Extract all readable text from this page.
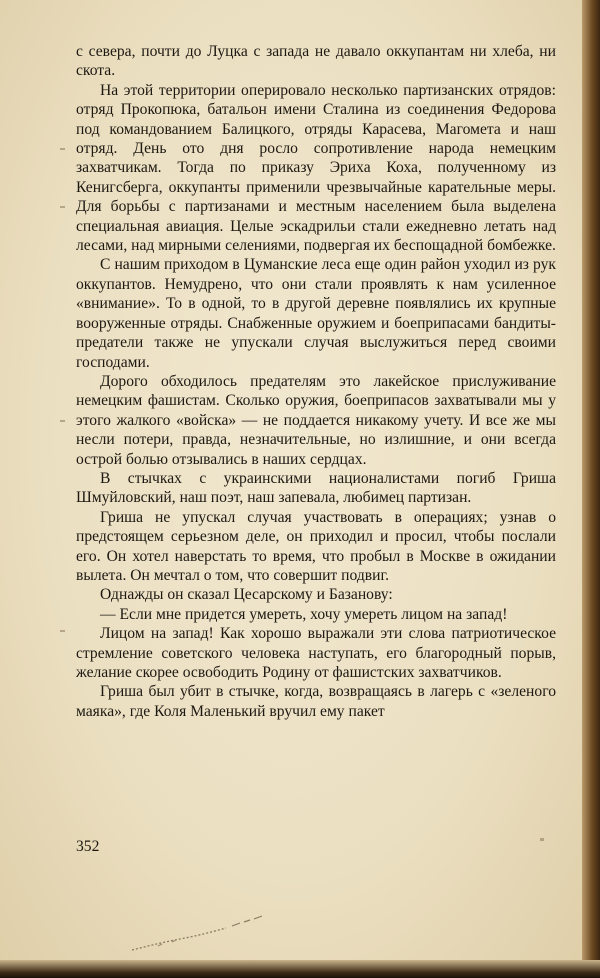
с севера, почти до Луцка с запада не давало оккупантам ни хлеба, ни скота.

На этой территории оперировало несколько партизанских отрядов: отряд Прокопюка, батальон имени Сталина из соединения Федорова под командованием Балицкого, отряды Карасева, Магомета и наш отряд. День ото дня росло сопротивление народа немецким захватчикам. Тогда по приказу Эриха Коха, полученному из Кенигсберга, оккупанты применили чрезвычайные карательные меры. Для борьбы с партизанами и местным населением была выделена специальная авиация. Целые эскадрильи стали ежедневно летать над лесами, над мирными селениями, подвергая их беспощадной бомбежке.

С нашим приходом в Цуманские леса еще один район уходил из рук оккупантов. Немудрено, что они стали проявлять к нам усиленное «внимание». То в одной, то в другой деревне появлялись их крупные вооруженные отряды. Снабженные оружием и боеприпасами бандиты-предатели также не упускали случая выслужиться перед своими господами.

Дорого обходилось предателям это лакейское прислуживание немецким фашистам. Сколько оружия, боеприпасов захватывали мы у этого жалкого «войска» — не поддается никакому учету. И все же мы несли потери, правда, незначительные, но излишние, и они всегда острой болью отзывались в наших сердцах.

В стычках с украинскими националистами погиб Гриша Шмуйловский, наш поэт, наш запевала, любимец партизан.

Гриша не упускал случая участвовать в операциях; узнав о предстоящем серьезном деле, он приходил и просил, чтобы послали его. Он хотел наверстать то время, что пробыл в Москве в ожидании вылета. Он мечтал о том, что совершит подвиг.

Однажды он сказал Цесарскому и Базанову:

— Если мне придется умереть, хочу умереть лицом на запад!

Лицом на запад! Как хорошо выражали эти слова патриотическое стремление советского человека наступать, его благородный порыв, желание скорее освободить Родину от фашистских захватчиков.

Гриша был убит в стычке, когда, возвращаясь в лагерь с «зеленого маяка», где Коля Маленький вручил ему пакет

352
